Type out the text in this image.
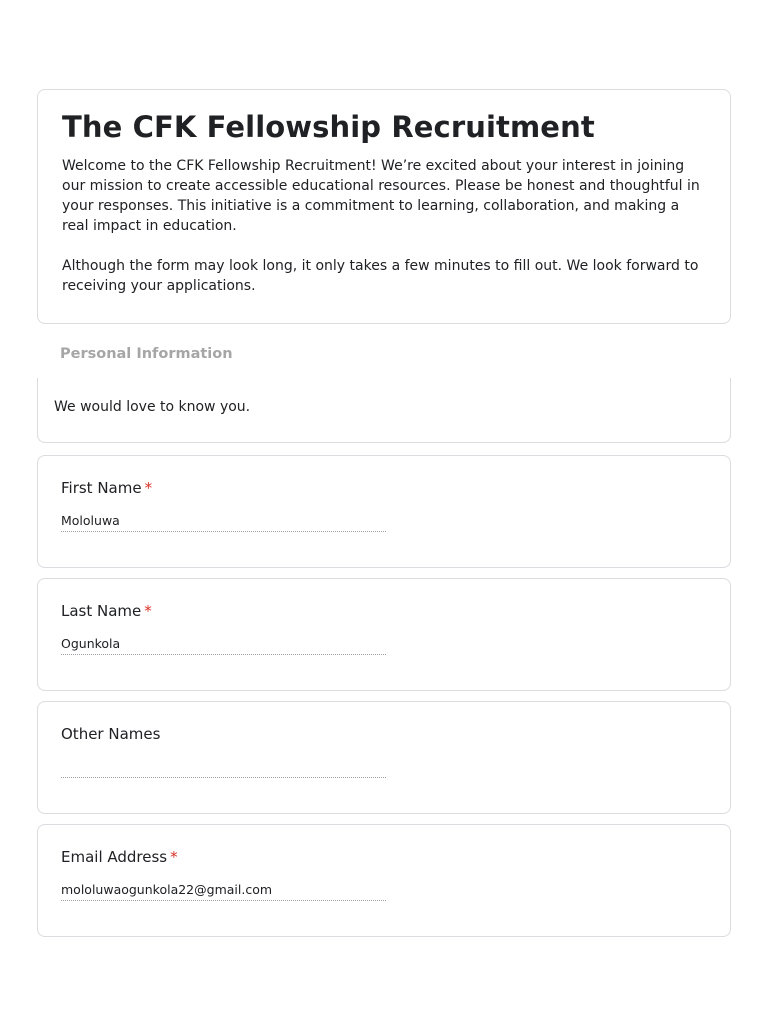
The CFK Fellowship Recruitment

Welcome to the CFK Fellowship Recruitment! We’re excited about your interest in joining our mission to create accessible educational resources. Please be honest and thoughtful in your responses. This initiative is a commitment to learning, collaboration, and making a real impact in education.

Although the form may look long, it only takes a few minutes to fill out. We look forward to receiving your applications.

Personal Information
We would love to know you.
First Name *
Mololuwa
Last Name *
Ogunkola
Other Names
Email Address *
mololuwaogunkola22@gmail.com
